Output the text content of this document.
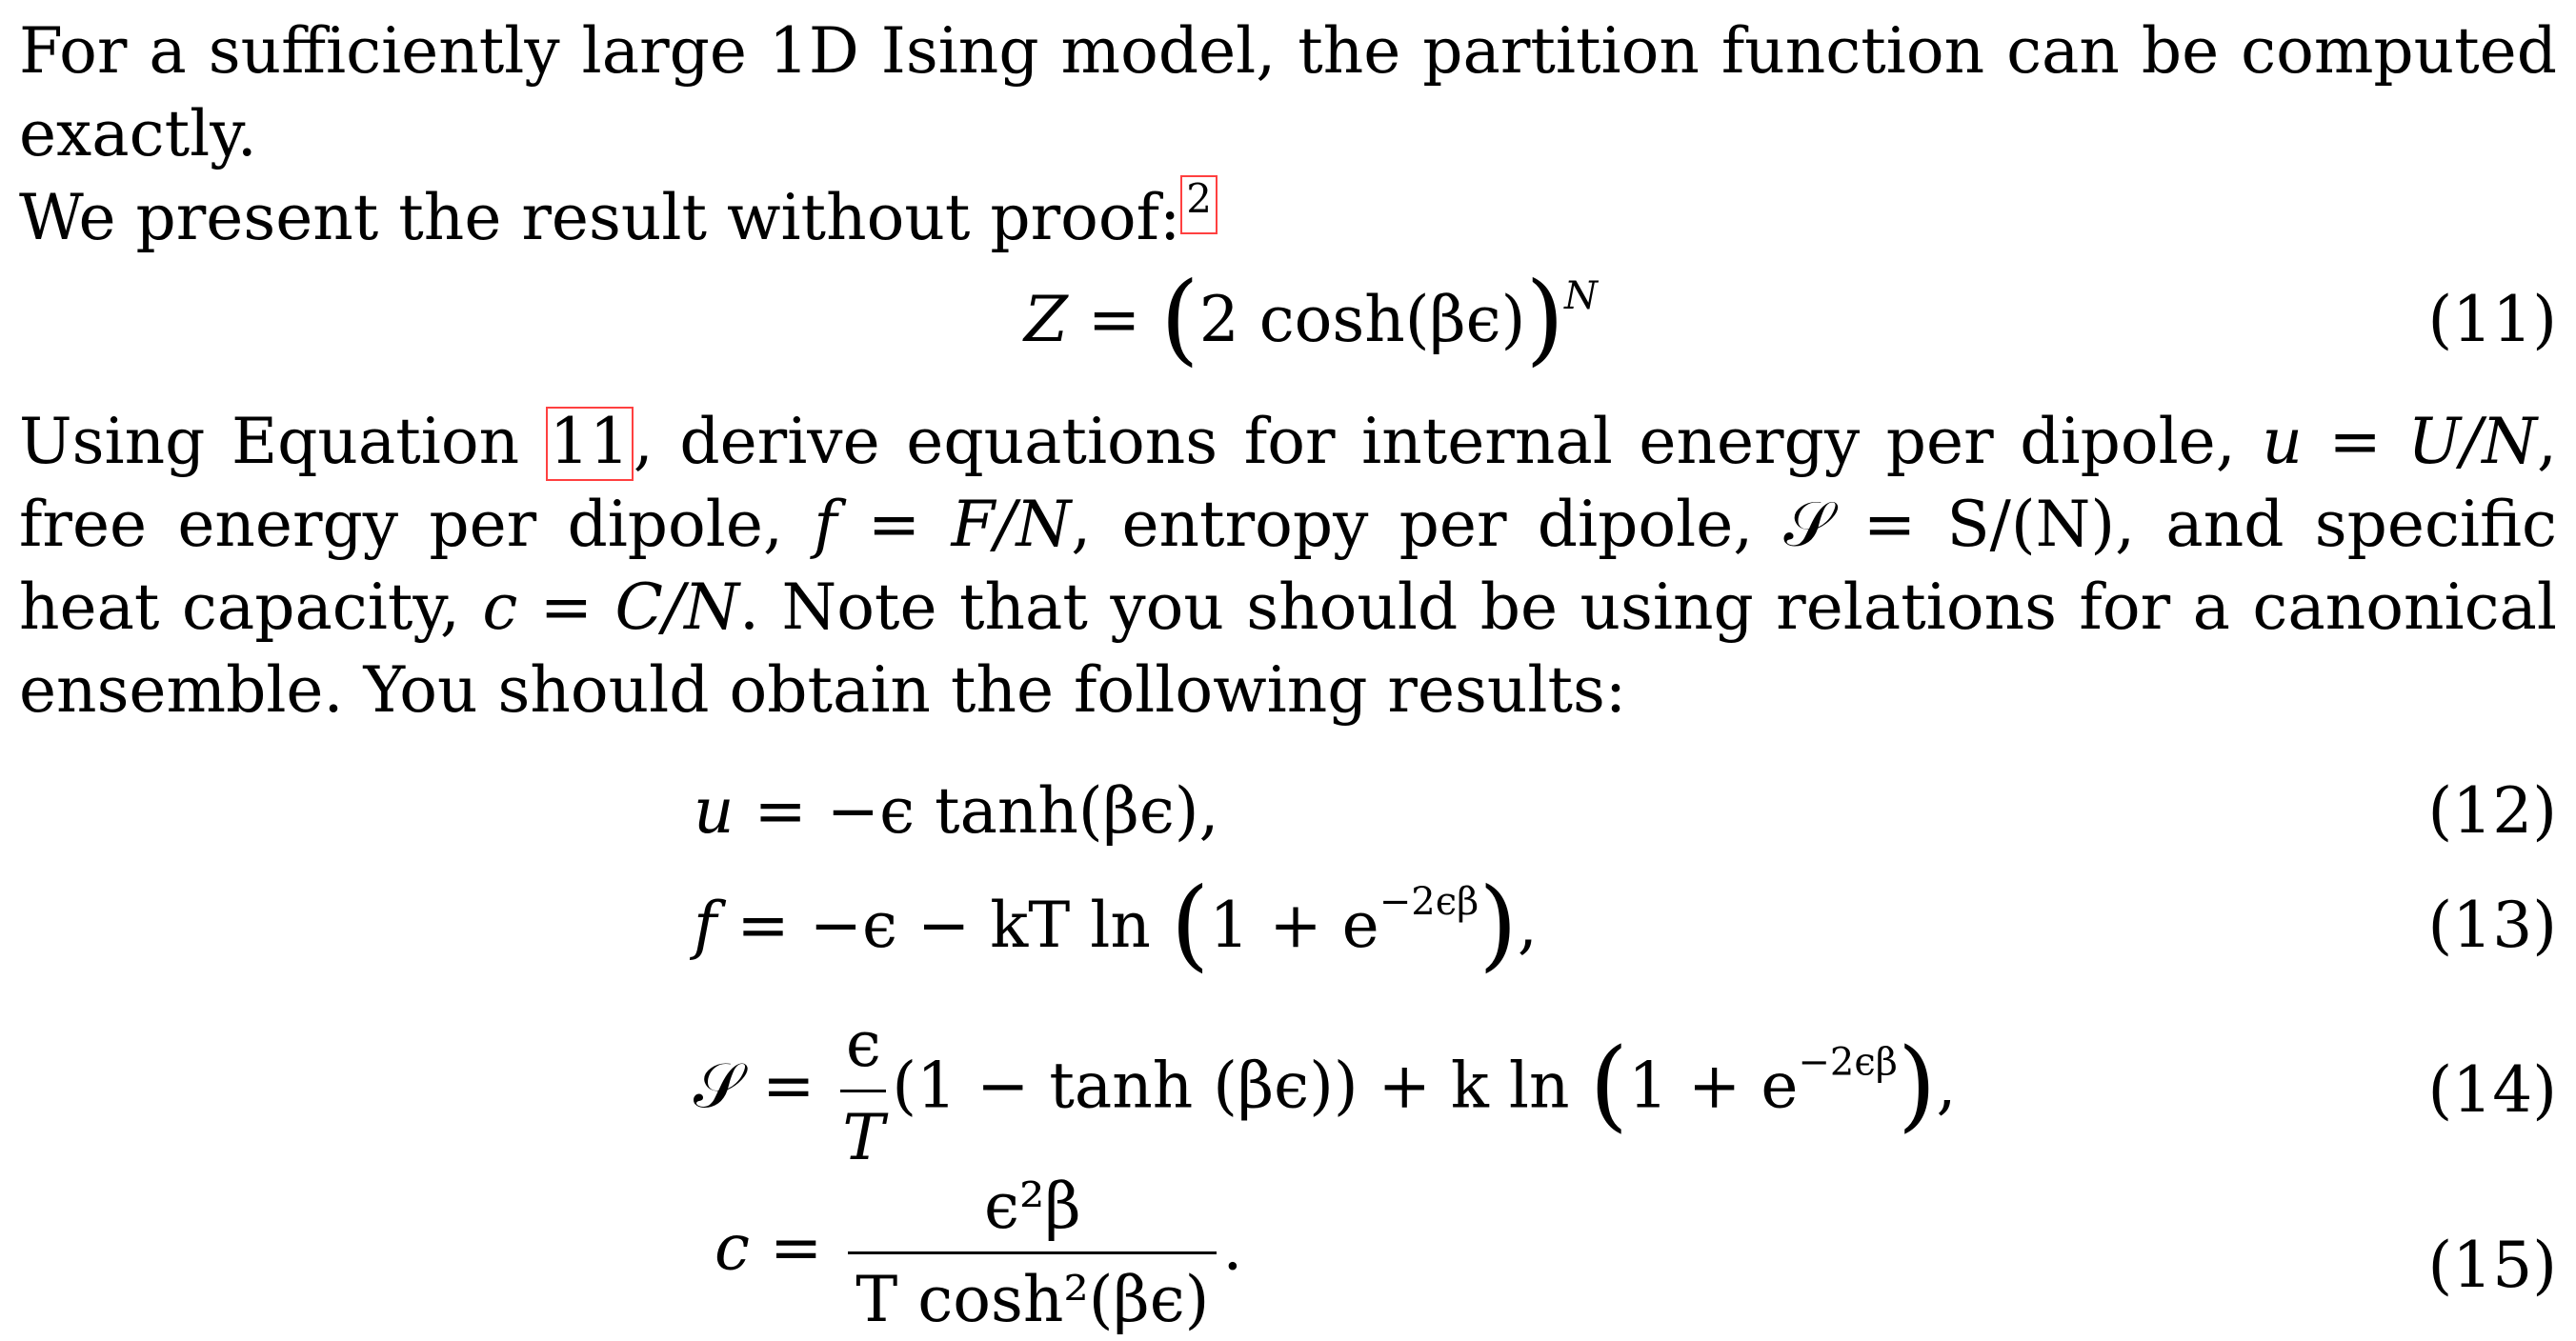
For a sufficiently large 1D Ising model, the partition function can be computed exactly.
We present the result without proof: 2

Z = (2 cosh(βϵ))$^N$	(11)

Using Equation 11, derive equations for internal energy per dipole, u = U/N, free energy per dipole, f = F/N, entropy per dipole, 𝒮 = S/(N), and specific heat capacity, c = C/N. Note that you should be using relations for a canonical ensemble. You should obtain the following results:

u = −ϵ tanh(βϵ),	(12)
f = −ϵ − kT $\ln (1 + e^{-2\epsilon\beta})$,	(13)
𝒮 = $\frac{\epsilon}{T} (1 - \tanh (\beta\epsilon)) + k$ $\ln (1 + e^{-2\epsilon\beta})$,	(14)
$c = \frac{\text{ϵ²β}}{\text{T cosh²(βϵ)}}$ .	(15)
